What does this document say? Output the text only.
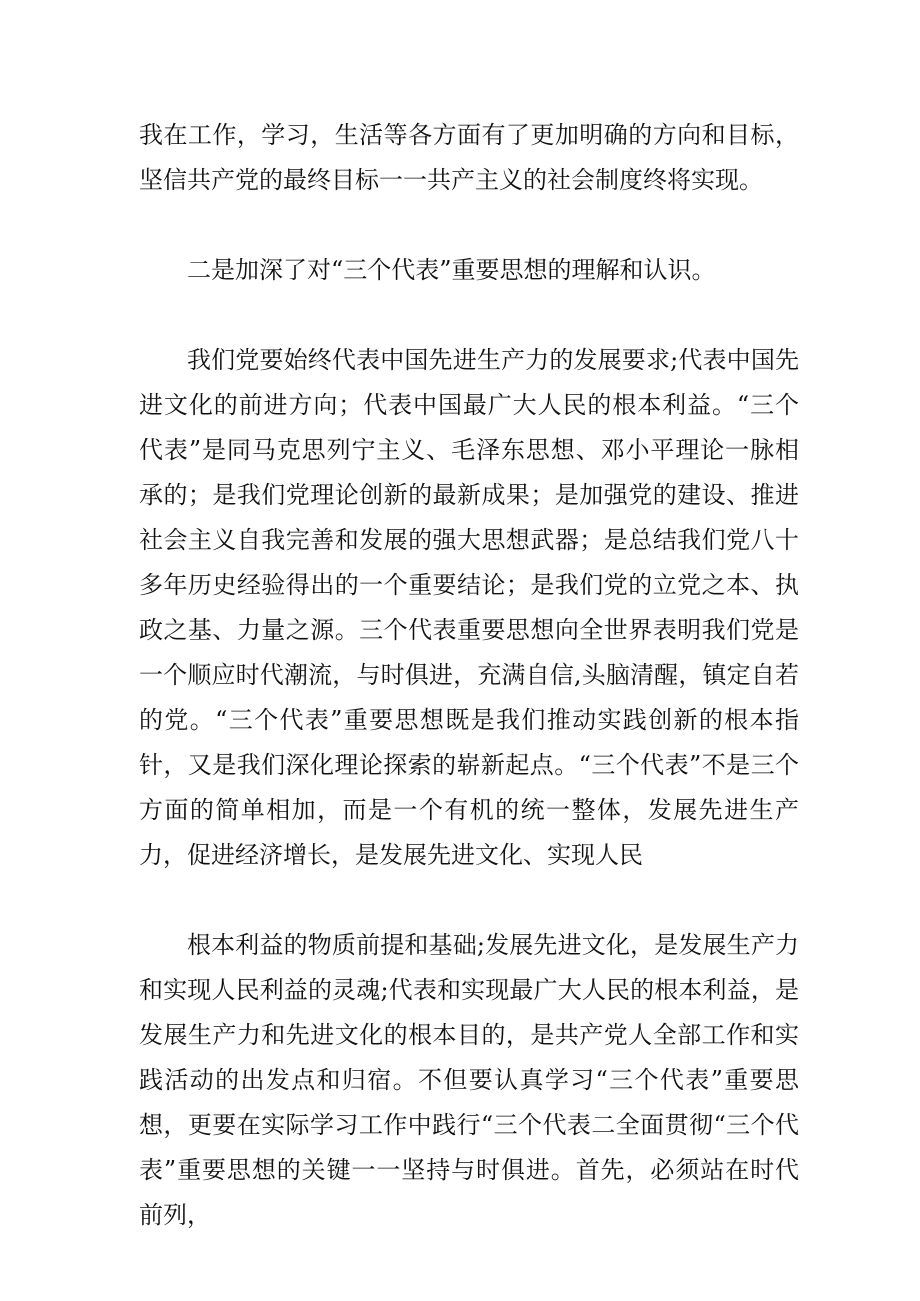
我在工作，学习，生活等各方面有了更加明确的方向和目标，坚信共产党的最终目标一一共产主义的社会制度终将实现。

二是加深了对“三个代表”重要思想的理解和认识。

我们党要始终代表中国先进生产力的发展要求;代表中国先进文化的前进方向；代表中国最广大人民的根本利益。“三个代表”是同马克思列宁主义、毛泽东思想、邓小平理论一脉相承的；是我们党理论创新的最新成果；是加强党的建设、推进社会主义自我完善和发展的强大思想武器；是总结我们党八十多年历史经验得出的一个重要结论；是我们党的立党之本、执政之基、力量之源。三个代表重要思想向全世界表明我们党是一个顺应时代潮流，与时俱进，充满自信,头脑清醒，镇定自若的党。“三个代表”重要思想既是我们推动实践创新的根本指针，又是我们深化理论探索的崭新起点。“三个代表”不是三个方面的简单相加，而是一个有机的统一整体，发展先进生产力，促进经济增长，是发展先进文化、实现人民

根本利益的物质前提和基础;发展先进文化，是发展生产力和实现人民利益的灵魂;代表和实现最广大人民的根本利益，是发展生产力和先进文化的根本目的，是共产党人全部工作和实践活动的出发点和归宿。不但要认真学习“三个代表”重要思想，更要在实际学习工作中践行“三个代表二全面贯彻“三个代表”重要思想的关键一一坚持与时俱进。首先，必须站在时代前列，
